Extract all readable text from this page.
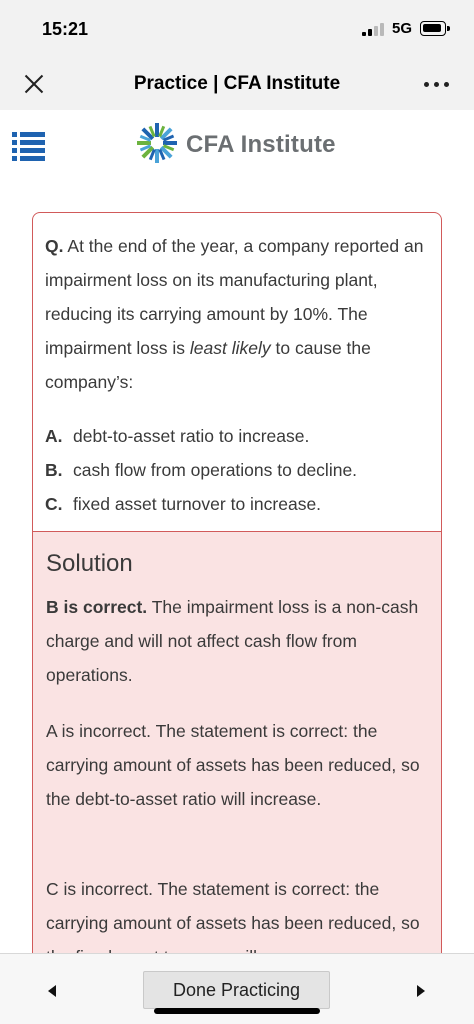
15:21	5G
Practice | CFA Institute
CFA Institute
Q. At the end of the year, a company reported an impairment loss on its manufacturing plant, reducing its carrying amount by 10%. The impairment loss is least likely to cause the company’s:
A. debt-to-asset ratio to increase.
B. cash flow from operations to decline.
C. fixed asset turnover to increase.
Solution
B is correct. The impairment loss is a non-cash charge and will not affect cash flow from operations.
A is incorrect. The statement is correct: the carrying amount of assets has been reduced, so the debt-to-asset ratio will increase.
C is incorrect. The statement is correct: the carrying amount of assets has been reduced, so
Done Practicing
